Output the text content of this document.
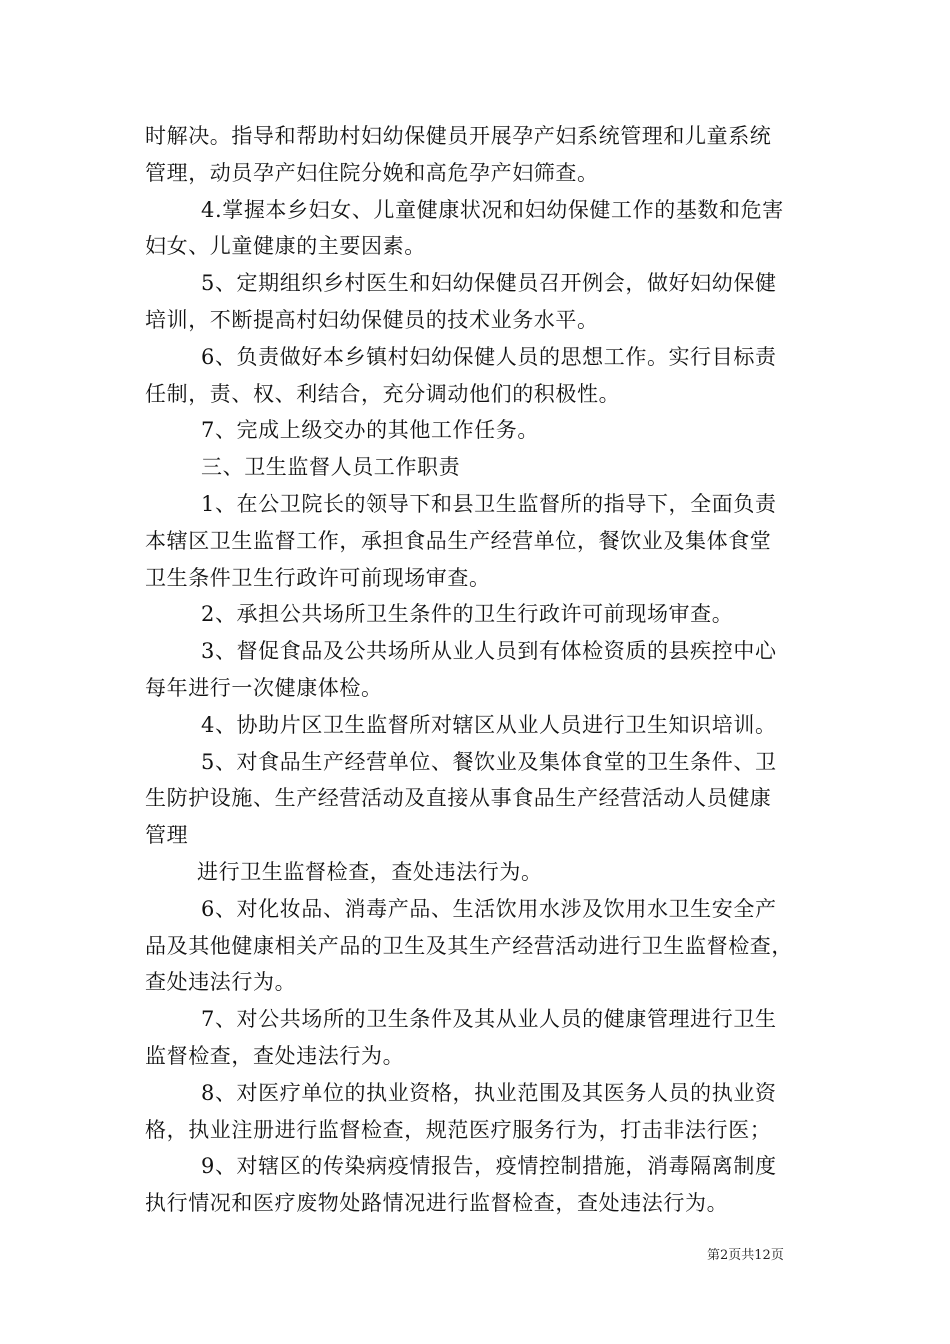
时解决。指导和帮助村妇幼保健员开展孕产妇系统管理和儿童系统
管理，动员孕产妇住院分娩和高危孕产妇筛查。
4.掌握本乡妇女、儿童健康状况和妇幼保健工作的基数和危害
妇女、儿童健康的主要因素。
5、定期组织乡村医生和妇幼保健员召开例会，做好妇幼保健
培训，不断提高村妇幼保健员的技术业务水平。
6、负责做好本乡镇村妇幼保健人员的思想工作。实行目标责
任制，责、权、利结合，充分调动他们的积极性。
7、完成上级交办的其他工作任务。
三、卫生监督人员工作职责
1、在公卫院长的领导下和县卫生监督所的指导下，全面负责
本辖区卫生监督工作，承担食品生产经营单位，餐饮业及集体食堂
卫生条件卫生行政许可前现场审查。
2、承担公共场所卫生条件的卫生行政许可前现场审查。
3、督促食品及公共场所从业人员到有体检资质的县疾控中心
每年进行一次健康体检。
4、协助片区卫生监督所对辖区从业人员进行卫生知识培训。
5、对食品生产经营单位、餐饮业及集体食堂的卫生条件、卫
生防护设施、生产经营活动及直接从事食品生产经营活动人员健康
管理
进行卫生监督检查，查处违法行为。
6、对化妆品、消毒产品、生活饮用水涉及饮用水卫生安全产
品及其他健康相关产品的卫生及其生产经营活动进行卫生监督检查，
查处违法行为。
7、对公共场所的卫生条件及其从业人员的健康管理进行卫生
监督检查，查处违法行为。
8、对医疗单位的执业资格，执业范围及其医务人员的执业资
格，执业注册进行监督检查，规范医疗服务行为，打击非法行医；
9、对辖区的传染病疫情报告，疫情控制措施，消毒隔离制度
执行情况和医疗废物处路情况进行监督检查，查处违法行为。
第2页共12页
